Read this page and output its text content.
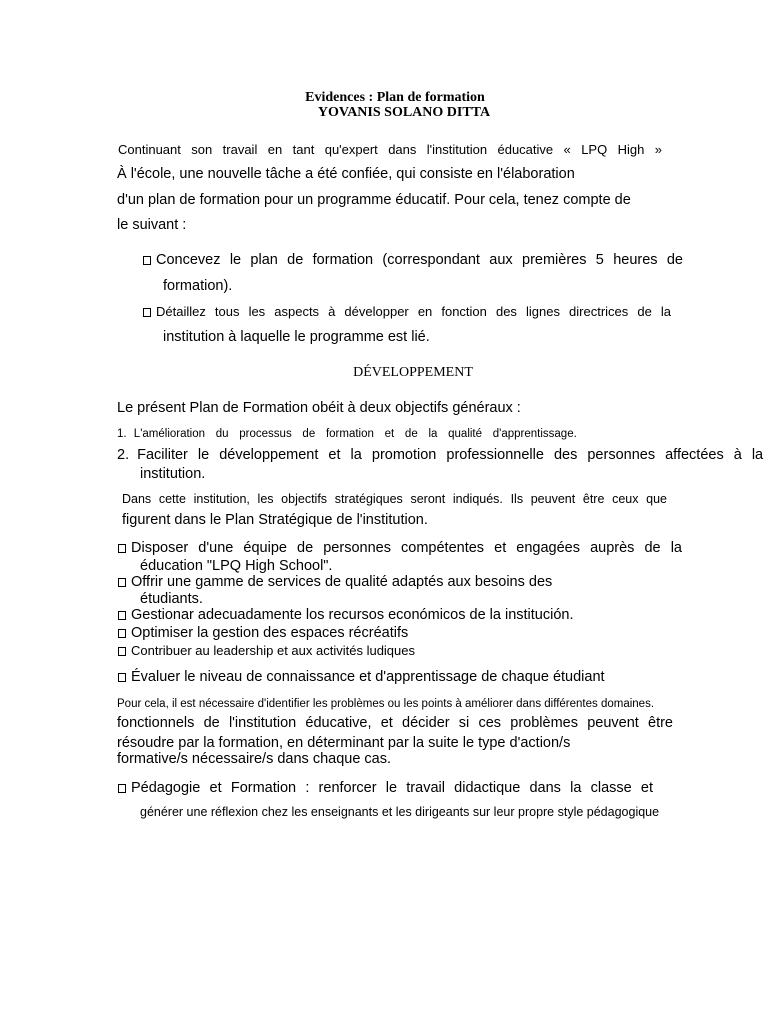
Evidences : Plan de formation
YOVANIS SOLANO DITTA
Continuant son travail en tant qu'expert dans l'institution éducative « LPQ High »
À l'école, une nouvelle tâche a été confiée, qui consiste en l'élaboration
d'un plan de formation pour un programme éducatif. Pour cela, tenez compte de
le suivant :
Concevez le plan de formation (correspondant aux premières 5 heures de
formation).
Détaillez tous les aspects à développer en fonction des lignes directrices de la
institution à laquelle le programme est lié.
DÉVELOPPEMENT
Le présent Plan de Formation obéit à deux objectifs généraux :
1. L'amélioration du processus de formation et de la qualité d'apprentissage.
2. Faciliter le développement et la promotion professionnelle des personnes affectées à la
institution.
Dans cette institution, les objectifs stratégiques seront indiqués. Ils peuvent être ceux que
figurent dans le Plan Stratégique de l'institution.
Disposer d'une équipe de personnes compétentes et engagées auprès de la
éducation "LPQ High School".
Offrir une gamme de services de qualité adaptés aux besoins des
étudiants.
Gestionar adecuadamente los recursos económicos de la institución.
Optimiser la gestion des espaces récréatifs
Contribuer au leadership et aux activités ludiques
Évaluer le niveau de connaissance et d'apprentissage de chaque étudiant
Pour cela, il est nécessaire d'identifier les problèmes ou les points à améliorer dans différentes domaines.
fonctionnels de l'institution éducative, et décider si ces problèmes peuvent être
résoudre par la formation, en déterminant par la suite le type d'action/s
formative/s nécessaire/s dans chaque cas.
Pédagogie et Formation : renforcer le travail didactique dans la classe et
générer une réflexion chez les enseignants et les dirigeants sur leur propre style pédagogique
